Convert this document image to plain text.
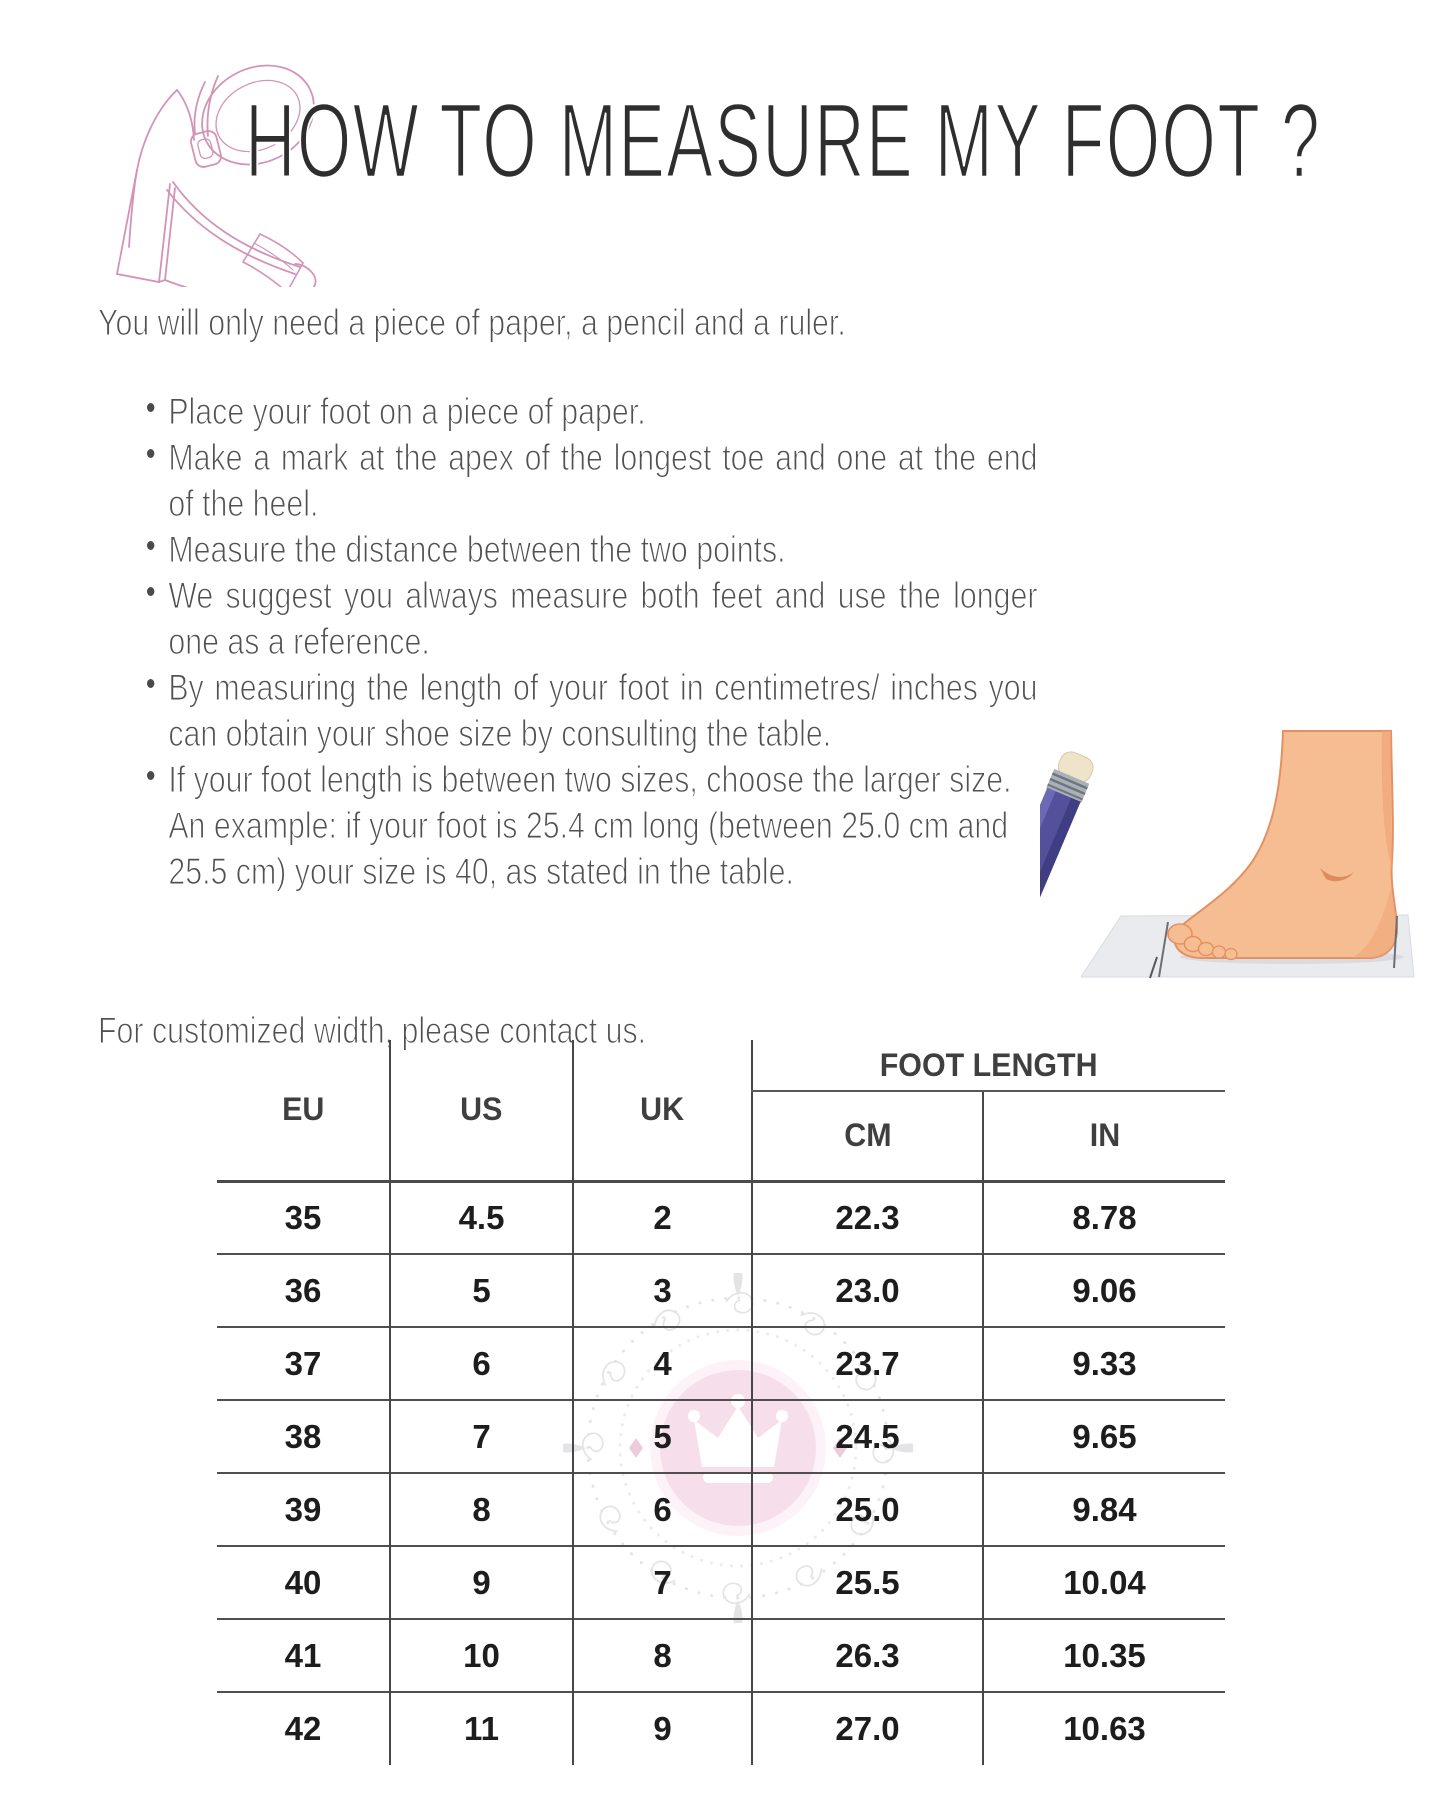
HOW TO MEASURE MY FOOT ?

You will only need a piece of paper, a pencil and a ruler.

Place your foot on a piece of paper.
Make a mark at the apex of the longest toe and one at the end of the heel.
Measure the distance between the two points.
We suggest you always measure both feet and use the longer one as a reference.
By measuring the length of your foot in centimetres/ inches you can obtain your shoe size by consulting the table.
If your foot length is between two sizes, choose the larger size. An example: if your foot is 25.4 cm long (between 25.0 cm and 25.5 cm) your size is 40, as stated in the table.

For customized width, please contact us.

EU	US	UK	FOOT LENGTH	
			CM	IN
35	4.5	2	22.3	8.78
36	5	3	23.0	9.06
37	6	4	23.7	9.33
38	7	5	24.5	9.65
39	8	6	25.0	9.84
40	9	7	25.5	10.04
41	10	8	26.3	10.35
42	11	9	27.0	10.63
